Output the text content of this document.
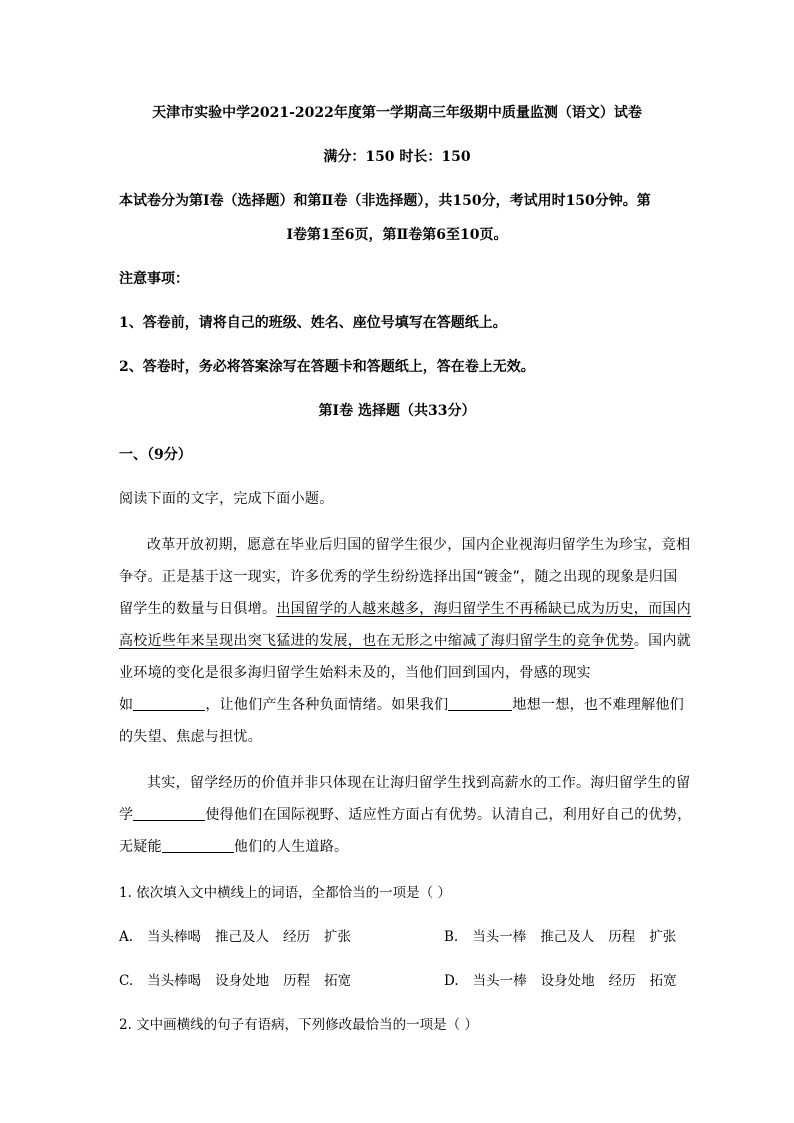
天津市实验中学2021-2022年度第一学期高三年级期中质量监测（语文）试卷
满分：150 时长：150
本试卷分为第Ⅰ卷（选择题）和第Ⅱ卷（非选择题），共150分，考试用时150分钟。第
Ⅰ卷第1至6页，第Ⅱ卷第6至10页。
注意事项：
1、答卷前，请将自己的班级、姓名、座位号填写在答题纸上。
2、答卷时，务必将答案涂写在答题卡和答题纸上，答在卷上无效。
第Ⅰ卷 选择题（共33分）
一、（9分）
阅读下面的文字，完成下面小题。
改革开放初期，愿意在毕业后归国的留学生很少，国内企业视海归留学生为珍宝，竞相
争夺。正是基于这一现实，许多优秀的学生纷纷选择出国“镀金”，随之出现的现象是归国
留学生的数量与日俱增。出国留学的人越来越多，海归留学生不再稀缺已成为历史，而国内
高校近些年来呈现出突飞猛进的发展，也在无形之中缩减了海归留学生的竞争优势。国内就
业环境的变化是很多海归留学生始料未及的，当他们回到国内，骨感的现实
如	，让他们产生各种负面情绪。如果我们	地想一想，也不难理解他们
的失望、焦虑与担忧。
其实，留学经历的价值并非只体现在让海归留学生找到高薪水的工作。海归留学生的留
学	使得他们在国际视野、适应性方面占有优势。认清自己，利用好自己的优势，
无疑能	他们的人生道路。
1. 依次填入文中横线上的词语，全都恰当的一项是（ ）
A. 当头棒喝 推己及人 经历 扩张	B. 当头一棒 推己及人 历程 扩张
C. 当头棒喝 设身处地 历程 拓宽	D. 当头一棒 设身处地 经历 拓宽
2. 文中画横线的句子有语病，下列修改最恰当的一项是（ ）
